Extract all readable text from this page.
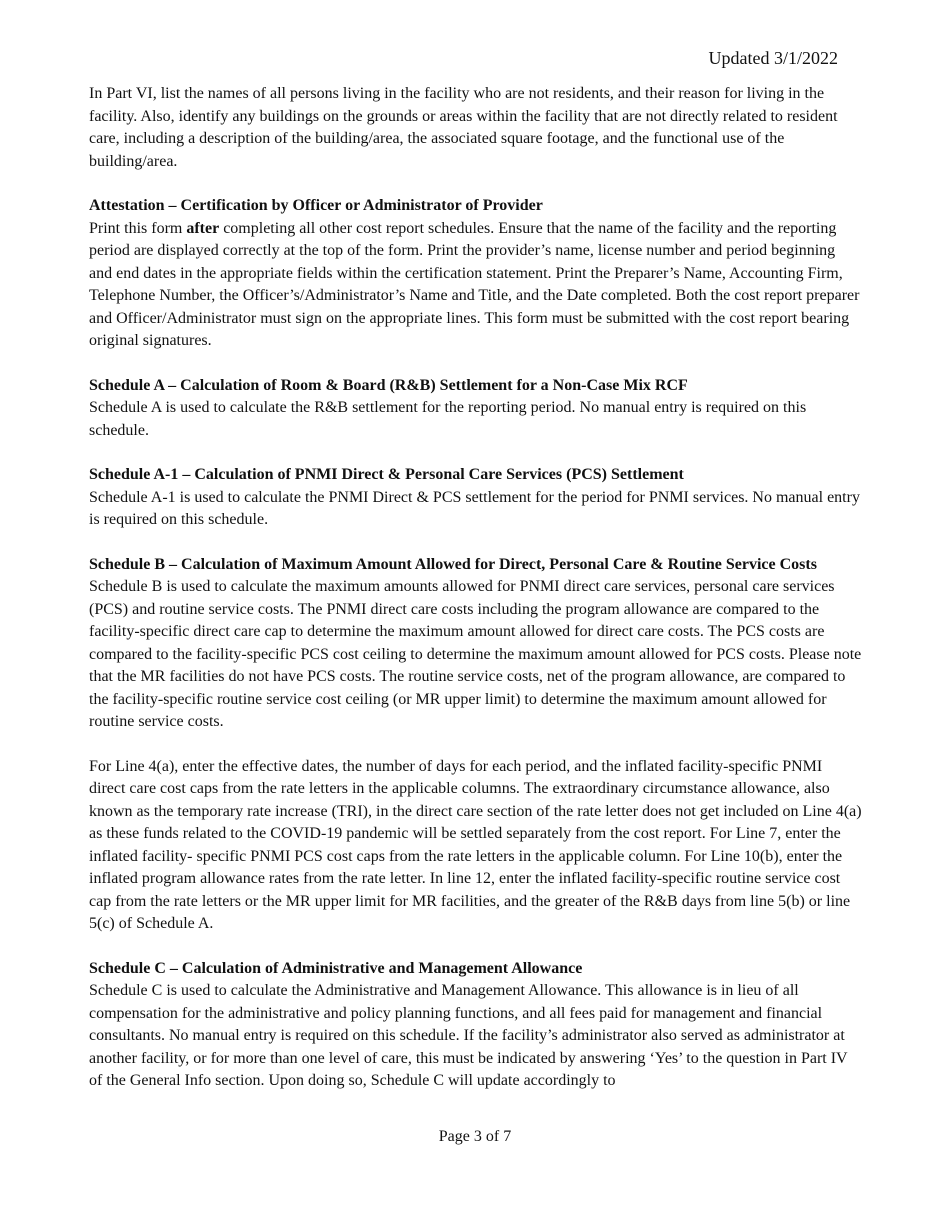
Updated 3/1/2022

In Part VI, list the names of all persons living in the facility who are not residents, and their reason for living in the facility. Also, identify any buildings on the grounds or areas within the facility that are not directly related to resident care, including a description of the building/area, the associated square footage, and the functional use of the building/area.

Attestation – Certification by Officer or Administrator of Provider

Print this form after completing all other cost report schedules. Ensure that the name of the facility and the reporting period are displayed correctly at the top of the form. Print the provider’s name, license number and period beginning and end dates in the appropriate fields within the certification statement. Print the Preparer’s Name, Accounting Firm, Telephone Number, the Officer’s/Administrator’s Name and Title, and the Date completed. Both the cost report preparer and Officer/Administrator must sign on the appropriate lines. This form must be submitted with the cost report bearing original signatures.

Schedule A – Calculation of Room & Board (R&B) Settlement for a Non-Case Mix RCF

Schedule A is used to calculate the R&B settlement for the reporting period. No manual entry is required on this schedule.

Schedule A-1 – Calculation of PNMI Direct & Personal Care Services (PCS) Settlement

Schedule A-1 is used to calculate the PNMI Direct & PCS settlement for the period for PNMI services. No manual entry is required on this schedule.

Schedule B – Calculation of Maximum Amount Allowed for Direct, Personal Care & Routine Service Costs

Schedule B is used to calculate the maximum amounts allowed for PNMI direct care services, personal care services (PCS) and routine service costs. The PNMI direct care costs including the program allowance are compared to the facility-specific direct care cap to determine the maximum amount allowed for direct care costs. The PCS costs are compared to the facility-specific PCS cost ceiling to determine the maximum amount allowed for PCS costs. Please note that the MR facilities do not have PCS costs. The routine service costs, net of the program allowance, are compared to the facility-specific routine service cost ceiling (or MR upper limit) to determine the maximum amount allowed for routine service costs.

For Line 4(a), enter the effective dates, the number of days for each period, and the inflated facility-specific PNMI direct care cost caps from the rate letters in the applicable columns. The extraordinary circumstance allowance, also known as the temporary rate increase (TRI), in the direct care section of the rate letter does not get included on Line 4(a) as these funds related to the COVID-19 pandemic will be settled separately from the cost report. For Line 7, enter the inflated facility- specific PNMI PCS cost caps from the rate letters in the applicable column. For Line 10(b), enter the inflated program allowance rates from the rate letter. In line 12, enter the inflated facility-specific routine service cost cap from the rate letters or the MR upper limit for MR facilities, and the greater of the R&B days from line 5(b) or line 5(c) of Schedule A.

Schedule C – Calculation of Administrative and Management Allowance

Schedule C is used to calculate the Administrative and Management Allowance. This allowance is in lieu of all compensation for the administrative and policy planning functions, and all fees paid for management and financial consultants. No manual entry is required on this schedule. If the facility’s administrator also served as administrator at another facility, or for more than one level of care, this must be indicated by answering ‘Yes’ to the question in Part IV of the General Info section. Upon doing so, Schedule C will update accordingly to

Page 3 of 7
